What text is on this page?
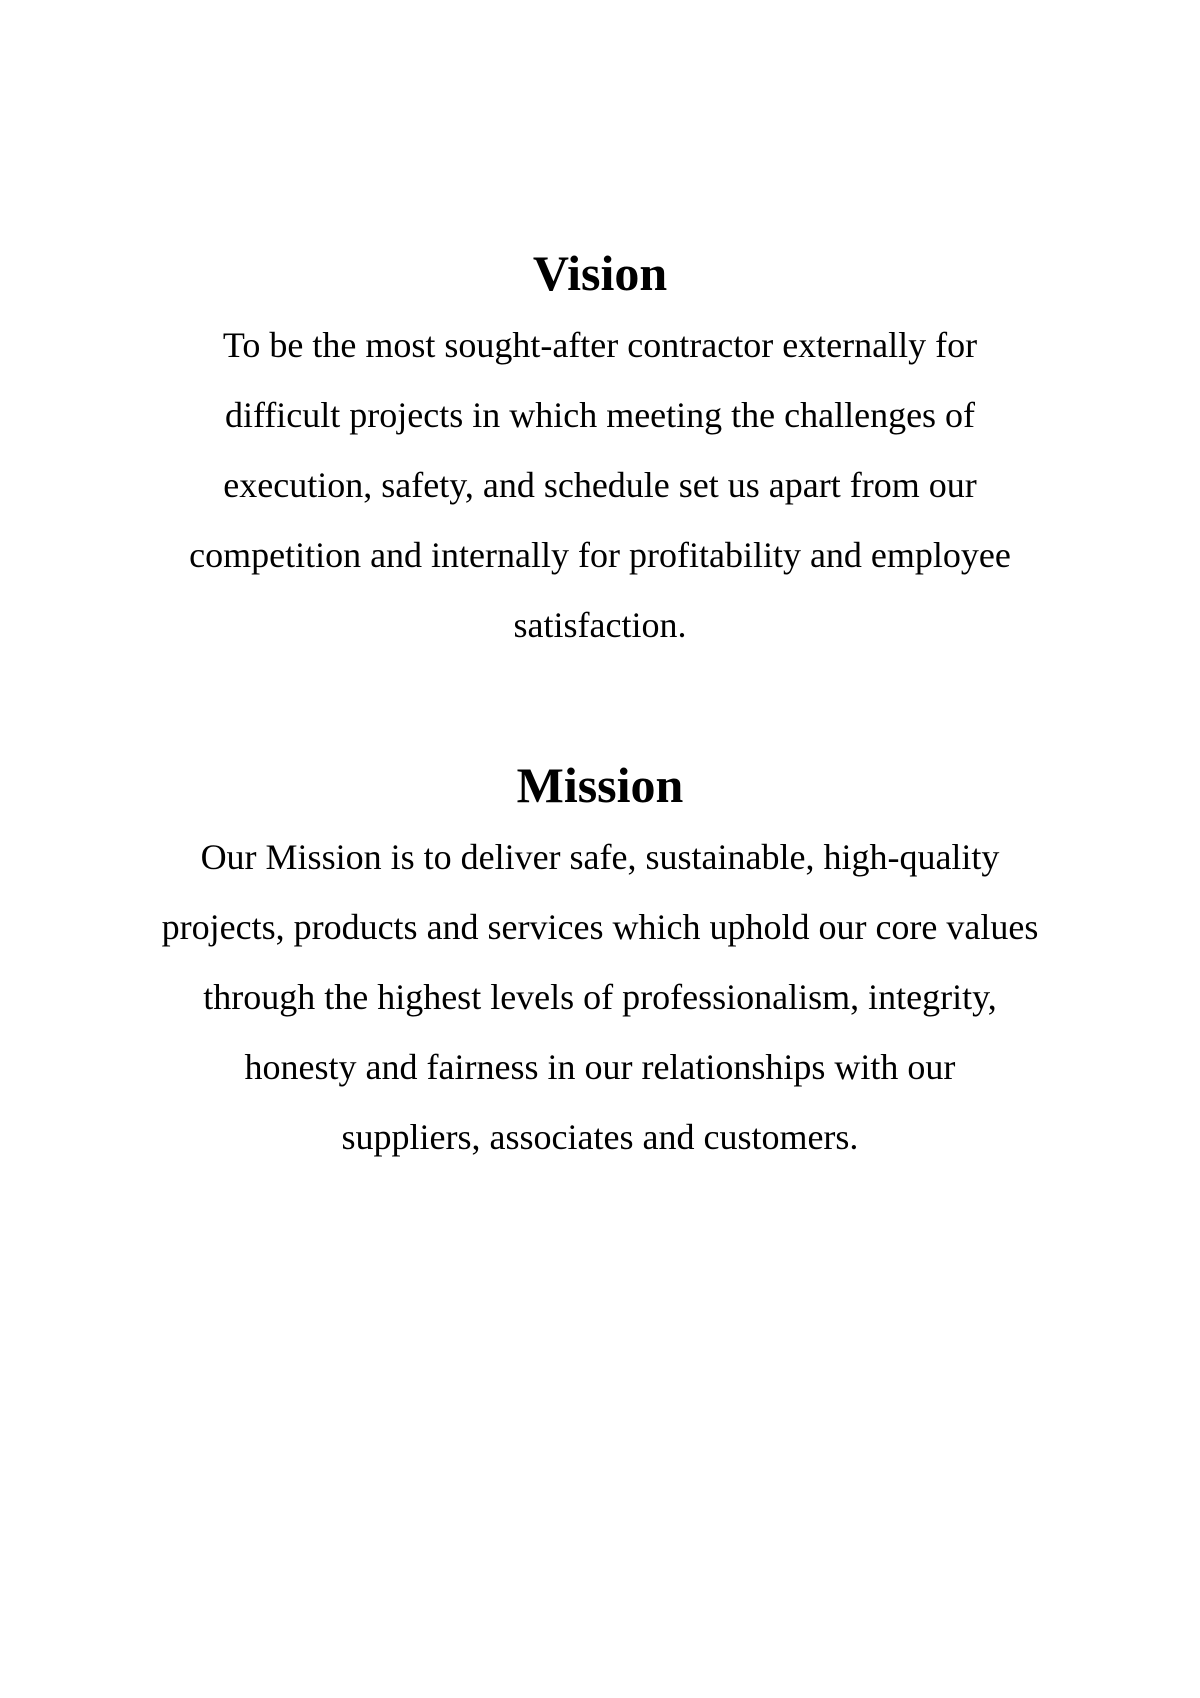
Vision

To be the most sought-after contractor externally for
difficult projects in which meeting the challenges of
execution, safety, and schedule set us apart from our
competition and internally for profitability and employee
satisfaction.

Mission

Our Mission is to deliver safe, sustainable, high-quality
projects, products and services which uphold our core values
through the highest levels of professionalism, integrity,
honesty and fairness in our relationships with our
suppliers, associates and customers.
